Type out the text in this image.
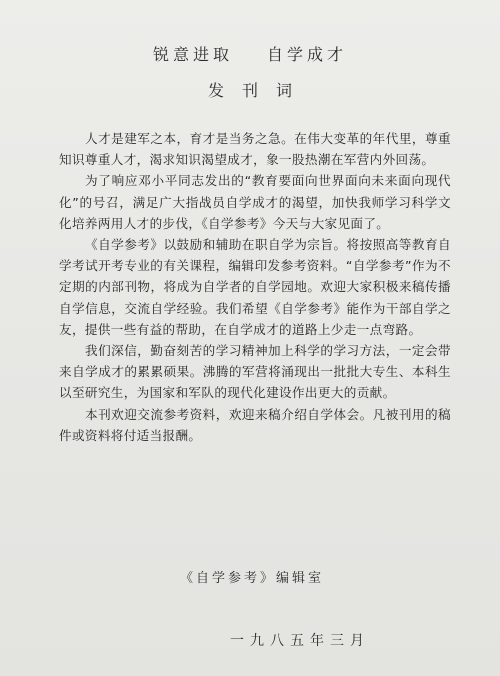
锐意进取 自学成才
发刊词

人才是建军之本，育才是当务之急。在伟大变革的年代里，尊重知识尊重人才，渴求知识渴望成才，象一股热潮在军营内外回荡。

为了响应邓小平同志发出的“教育要面向世界面向未来面向现代化”的号召，满足广大指战员自学成才的渴望，加快我师学习科学文化培养两用人才的步伐，《自学参考》今天与大家见面了。

《自学参考》以鼓励和辅助在职自学为宗旨。将按照高等教育自学考试开考专业的有关课程，编辑印发参考资料。“自学参考”作为不定期的内部刊物，将成为自学者的自学园地。欢迎大家积极来稿传播自学信息，交流自学经验。我们希望《自学参考》能作为干部自学之友，提供一些有益的帮助，在自学成才的道路上少走一点弯路。

我们深信，勤奋刻苦的学习精神加上科学的学习方法，一定会带来自学成才的累累硕果。沸腾的军营将涌现出一批批大专生、本科生以至研究生，为国家和军队的现代化建设作出更大的贡献。

本刊欢迎交流参考资料，欢迎来稿介绍自学体会。凡被刊用的稿件或资料将付适当报酬。

《自学参考》编辑室
一九八五年三月
